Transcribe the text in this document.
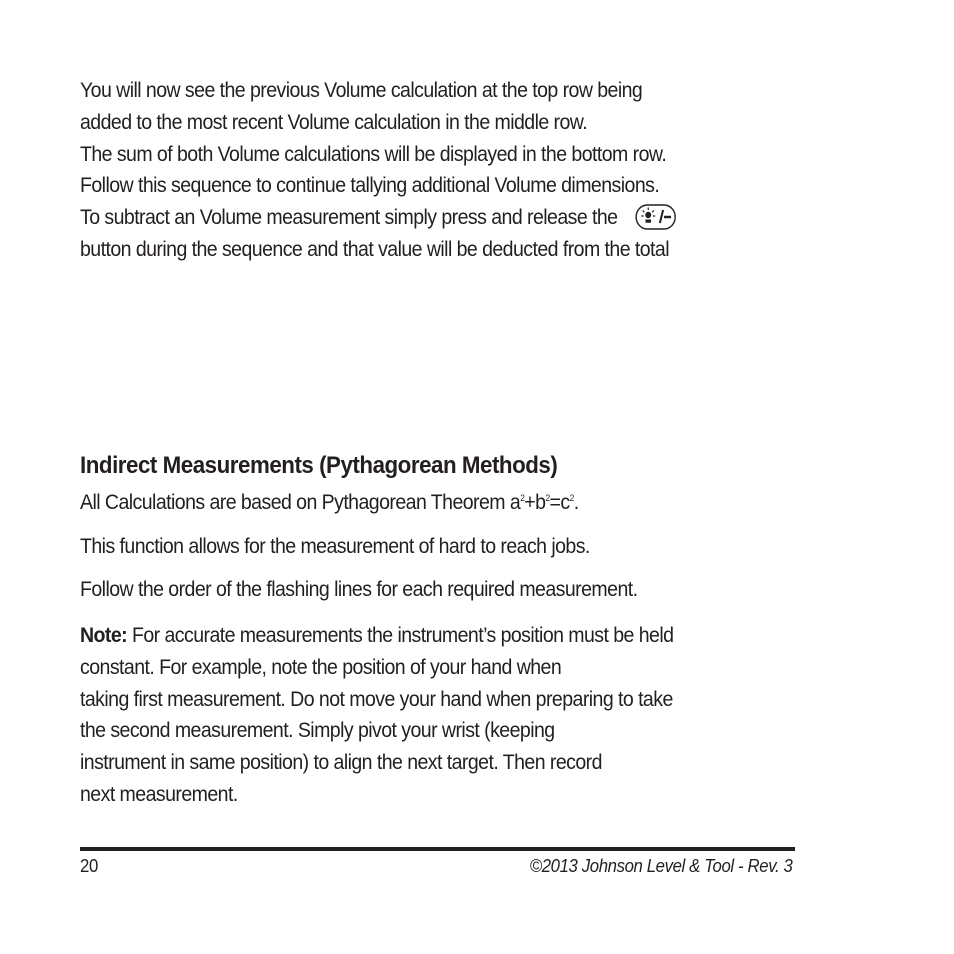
You will now see the previous Volume calculation at the top row being
added to the most recent Volume calculation in the middle row.
The sum of both Volume calculations will be displayed in the bottom row.
Follow this sequence to continue tallying additional Volume dimensions.
To subtract an Volume measurement simply press and release the
button during the sequence and that value will be deducted from the total
Indirect Measurements (Pythagorean Methods)
All Calculations are based on Pythagorean Theorem $a^2+b^2=c^2$.
This function allows for the measurement of hard to reach jobs.
Follow the order of the flashing lines for each required measurement.
Note: For accurate measurements the instrument’s position must be held
constant. For example, note the position of your hand when
taking first measurement. Do not move your hand when preparing to take
the second measurement. Simply pivot your wrist (keeping
instrument in same position) to align the next target. Then record
next measurement.
20	©2013 Johnson Level & Tool - Rev. 3
